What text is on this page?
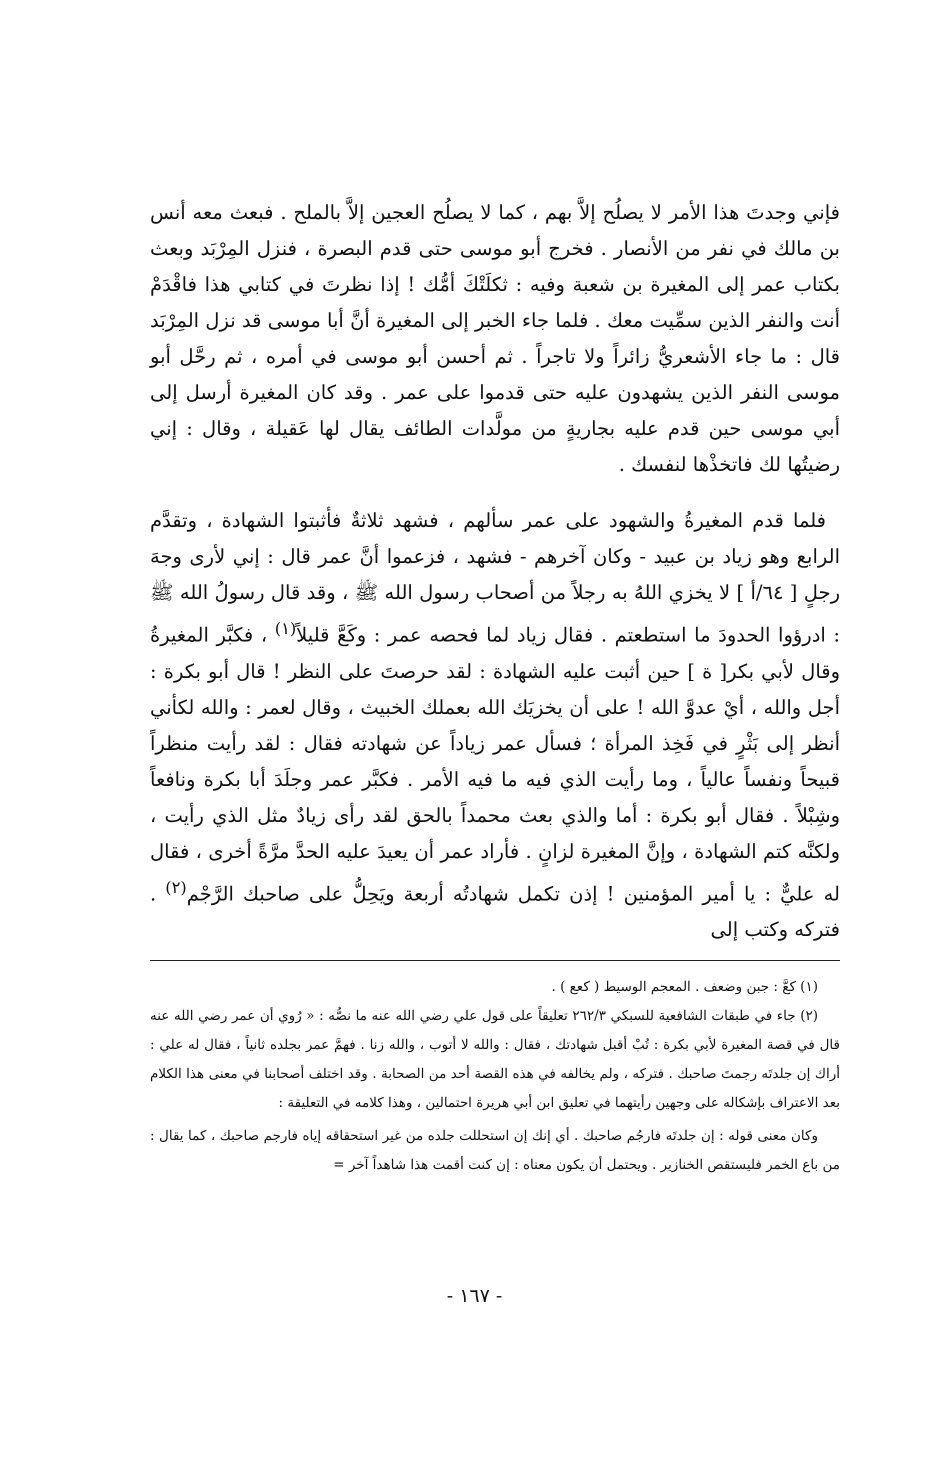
فإني وجدتَ هذا الأمر لا يصلُح إلاَّ بهم ، كما لا يصلُح العجين إلاَّ بالملح . فبعث معه أنس بن مالك في نفر من الأنصار . فخرج أبو موسى حتى قدم البصرة ، فنزل المِرْبَد وبعث بكتاب عمر إلى المغيرة بن شعبة وفيه : ثكلَتْكَ أمُّك ! إذا نظرتَ في كتابي هذا فاقْدَمْ أنت والنفر الذين سمِّيت معك . فلما جاء الخبر إلى المغيرة أنَّ أبا موسى قد نزل المِرْبَد قال : ما جاء الأشعريُّ زائراً ولا تاجراً . ثم أحسن أبو موسى في أمره ، ثم رحَّل أبو موسى النفر الذين يشهدون عليه حتى قدموا على عمر . وقد كان المغيرة أرسل إلى أبي موسى حين قدم عليه بجاريةٍ من مولَّدات الطائف يقال لها عَقيلة ، وقال : إني رضيتُها لك فاتخذْها لنفسك .

فلما قدم المغيرةُ والشهود على عمر سألهم ، فشهد ثلاثةٌ فأثبتوا الشهادة ، وتقدَّم الرابع وهو زياد بن عبيد - وكان آخرهم - فشهد ، فزعموا أنَّ عمر قال : إني لأرى وجهَ رجلٍ [ ٦٤/أ ] لا يخزي اللهُ به رجلاً من أصحاب رسول الله ﷺ ، وقد قال رسولُ الله ﷺ : ادرؤوا الحدودَ ما استطعتم . فقال زياد لما فحصه عمر : وكَعَّ قليلاً$^{(١)}$ ، فكبَّر المغيرةُ وقال لأبي بكر[ ة ] حين أثبت عليه الشهادة : لقد حرصتَ على النظر ! قال أبو بكرة : أجل والله ، أيْ عدوَّ الله ! على أن يخزيَك الله بعملك الخبيث ، وقال لعمر : والله لكأني أنظر إلى بَثْرٍ في فَخِذ المرأة ؛ فسأل عمر زياداً عن شهادته فقال : لقد رأيت منظراً قبيحاً ونفساً عالياً ، وما رأيت الذي فيه ما فيه الأمر . فكبَّر عمر وجلَدَ أبا بكرة ونافعاً وشِبْلاً . فقال أبو بكرة : أما والذي بعث محمداً بالحق لقد رأى زيادٌ مثل الذي رأيت ، ولكنَّه كتم الشهادة ، وإنَّ المغيرة لزانٍ . فأراد عمر أن يعيدَ عليه الحدَّ مرَّةً أخرى ، فقال له عليٌّ : يا أمير المؤمنين ! إذن تكمل شهادتُه أربعة ويَحِلُّ على صاحبك الرَّجْم$^{(٢)}$ . فتركه وكتب إلى

(١) كعَّ : جبن وضعف . المعجم الوسيط ( كعع ) .

(٢) جاء في طبقات الشافعية للسبكي ٢٦٢/٣ تعليقاً على قول علي رضي الله عنه ما نصُّه : « رُوي أن عمر رضي الله عنه قال في قصة المغيرة لأبي بكرة : تُبْ أقبل شهادتك ، فقال : والله لا أتوب ، والله زنا . فهمَّ عمر بجلده ثانياً ، فقال له علي : أراك إن جلدتَه رجمتَ صاحبك . فتركه ، ولم يخالفه في هذه القصة أحد من الصحابة . وقد اختلف أصحابنا في معنى هذا الكلام بعد الاعتراف بإشكاله على وجهين رأيتهما في تعليق ابن أبي هريرة احتمالين ، وهذا كلامه في التعليقة :

وكان معنى قوله : إن جلدتَه فارجُم صاحبك . أي إنك إن استحللت جلده من غير استحقاقه إياه فارجم صاحبك ، كما يقال : من باع الخمر فليستقص الخنازير . ويحتمل أن يكون معناه : إن كنت أقمت هذا شاهداً آخر =

- ١٦٧ -
